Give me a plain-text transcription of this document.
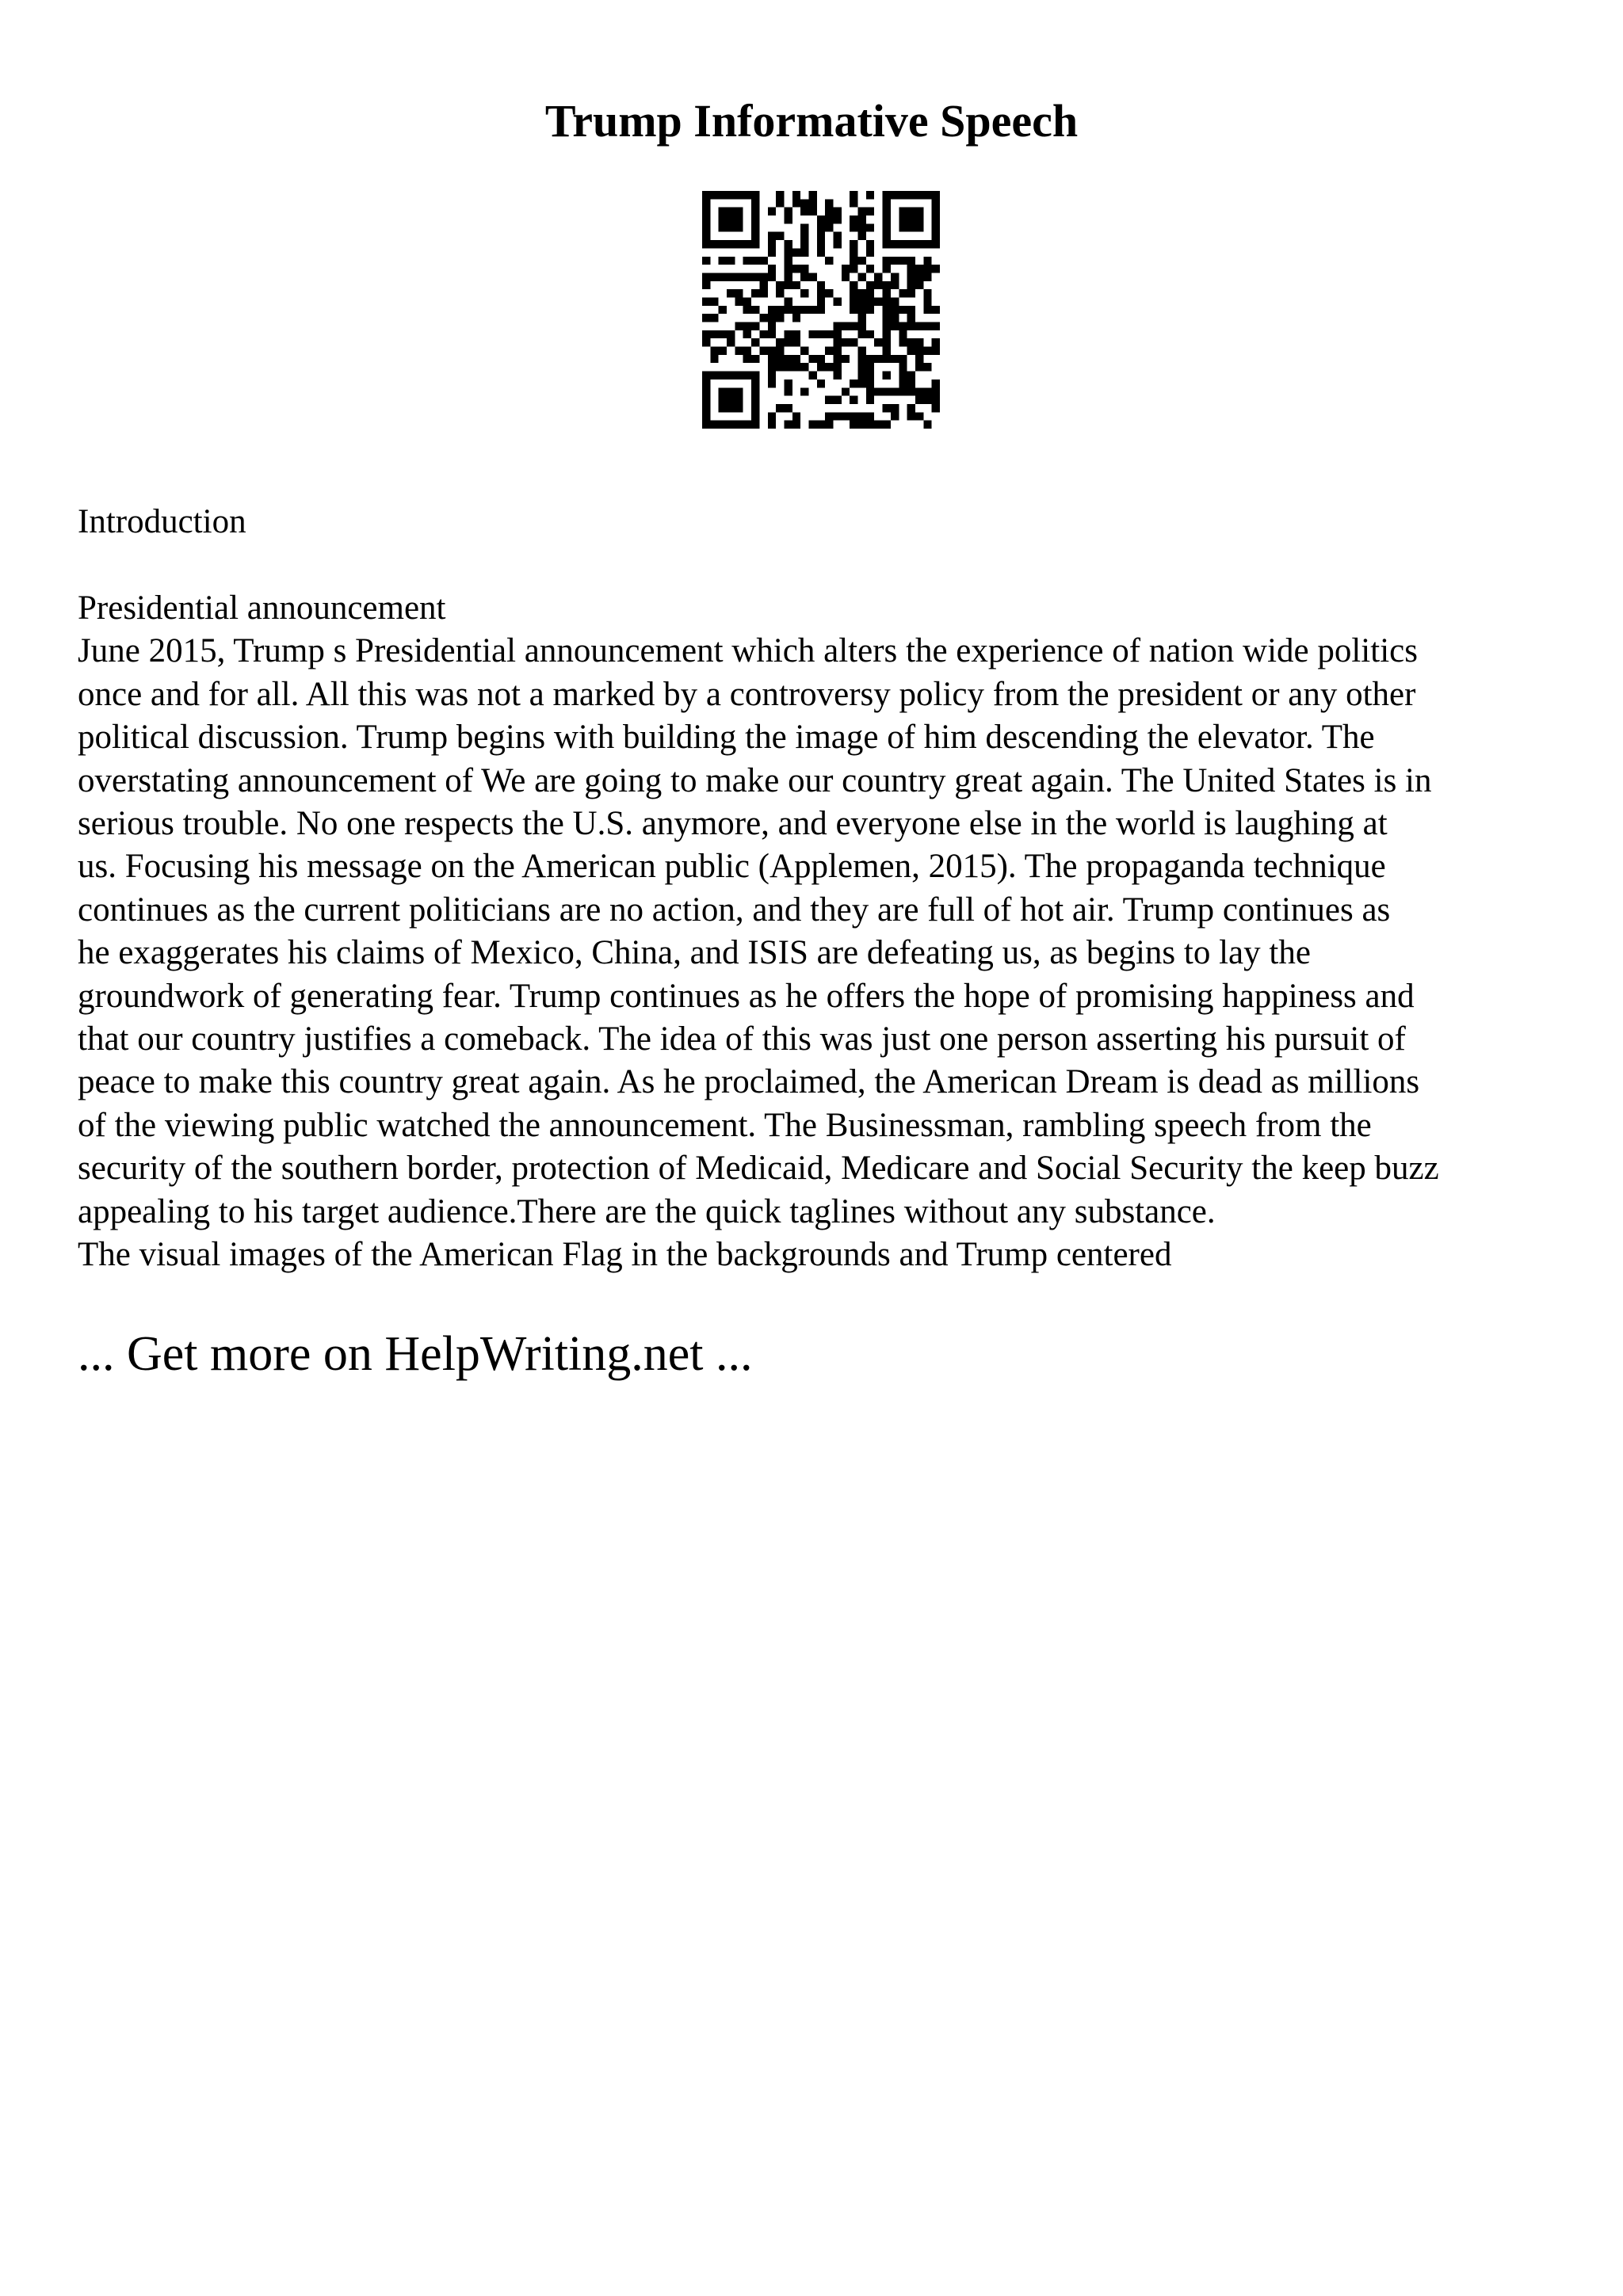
Trump Informative Speech
Introduction
Presidential announcement
June 2015, Trump s Presidential announcement which alters the experience of nation wide politics
once and for all. All this was not a marked by a controversy policy from the president or any other
political discussion. Trump begins with building the image of him descending the elevator. The
overstating announcement of We are going to make our country great again. The United States is in
serious trouble. No one respects the U.S. anymore, and everyone else in the world is laughing at
us. Focusing his message on the American public (Applemen, 2015). The propaganda technique
continues as the current politicians are no action, and they are full of hot air. Trump continues as
he exaggerates his claims of Mexico, China, and ISIS are defeating us, as begins to lay the
groundwork of generating fear. Trump continues as he offers the hope of promising happiness and
that our country justifies a comeback. The idea of this was just one person asserting his pursuit of
peace to make this country great again. As he proclaimed, the American Dream is dead as millions
of the viewing public watched the announcement. The Businessman, rambling speech from the
security of the southern border, protection of Medicaid, Medicare and Social Security the keep buzz
appealing to his target audience.There are the quick taglines without any substance.
The visual images of the American Flag in the backgrounds and Trump centered
... Get more on HelpWriting.net ...
